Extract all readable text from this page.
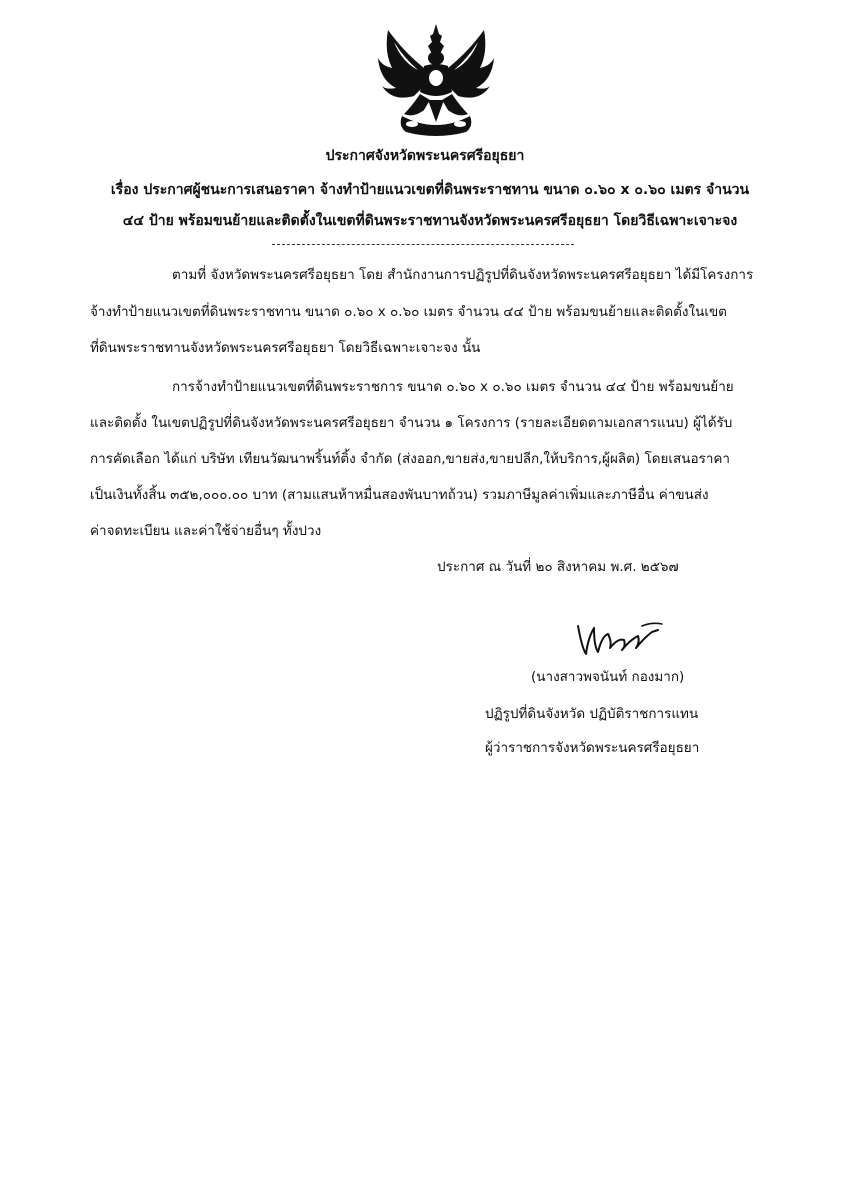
ประกาศจังหวัดพระนครศรีอยุธยา
เรื่อง ประกาศผู้ชนะการเสนอราคา จ้างทำป้ายแนวเขตที่ดินพระราชทาน ขนาด ๐.๖๐ x ๐.๖๐ เมตร จำนวน
๔๔ ป้าย พร้อมขนย้ายและติดตั้งในเขตที่ดินพระราชทานจังหวัดพระนครศรีอยุธยา โดยวิธีเฉพาะเจาะจง
ตามที่ จังหวัดพระนครศรีอยุธยา โดย สำนักงานการปฏิรูปที่ดินจังหวัดพระนครศรีอยุธยา ได้มีโครงการ
จ้างทำป้ายแนวเขตที่ดินพระราชทาน ขนาด ๐.๖๐ x ๐.๖๐ เมตร จำนวน ๔๔ ป้าย พร้อมขนย้ายและติดตั้งในเขต
ที่ดินพระราชทานจังหวัดพระนครศรีอยุธยา โดยวิธีเฉพาะเจาะจง นั้น
การจ้างทำป้ายแนวเขตที่ดินพระราชการ ขนาด ๐.๖๐ x ๐.๖๐ เมตร จำนวน ๔๔ ป้าย พร้อมขนย้าย
และติดตั้ง ในเขตปฏิรูปที่ดินจังหวัดพระนครศรีอยุธยา จำนวน ๑ โครงการ (รายละเอียดตามเอกสารแนบ) ผู้ได้รับ
การคัดเลือก ได้แก่ บริษัท เทียนวัฒนาพริ้นท์ติ้ง จำกัด (ส่งออก,ขายส่ง,ขายปลีก,ให้บริการ,ผู้ผลิต) โดยเสนอราคา
เป็นเงินทั้งสิ้น ๓๕๒,๐๐๐.๐๐ บาท (สามแสนห้าหมื่นสองพันบาทถ้วน) รวมภาษีมูลค่าเพิ่มและภาษีอื่น ค่าขนส่ง
ค่าจดทะเบียน และค่าใช้จ่ายอื่นๆ ทั้งปวง
ประกาศ ณ วันที่ ๒๐ สิงหาคม พ.ศ. ๒๕๖๗
(นางสาวพจนันท์ กองมาก)
ปฏิรูปที่ดินจังหวัด ปฏิบัติราชการแทน
ผู้ว่าราชการจังหวัดพระนครศรีอยุธยา
